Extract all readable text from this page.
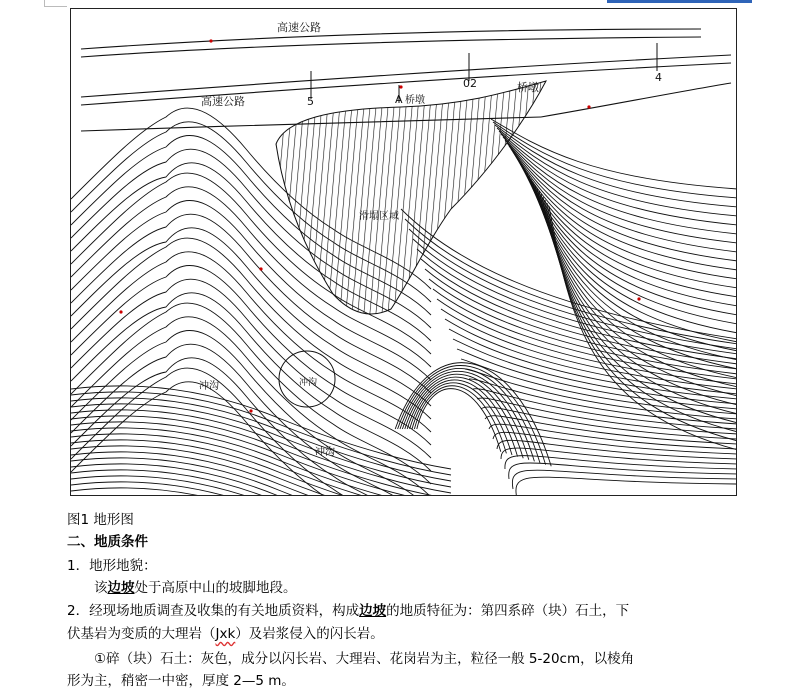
高速公路
高速公路	5	A 桥墩
02	桥墩
4
滑塌区域
冲沟	冲沟
冲沟
图1 地形图
二、地质条件
1．地形地貌：
该边坡处于高原中山的坡脚地段。
2．经现场地质调查及收集的有关地质资料，构成边坡的地质特征为：第四系碎（块）石土，下
伏基岩为变质的大理岩（Jxk）及岩浆侵入的闪长岩。
①碎（块）石土：灰色，成分以闪长岩、大理岩、花岗岩为主，粒径一般 5-20cm，以棱角
形为主，稍密一中密，厚度 2—5 m。
